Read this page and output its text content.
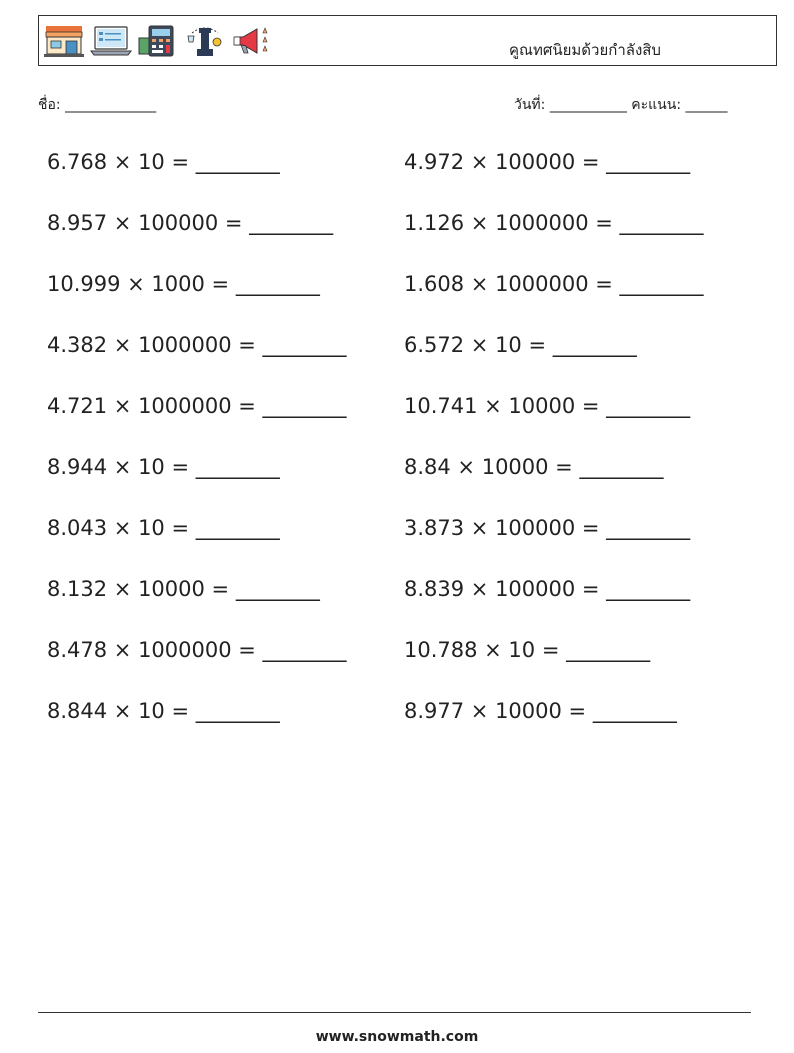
คูณทศนิยมด้วยกำลังสิบ
ชื่อ: _____________	วันที่: ___________ คะแนน: ______
6.768 × 10 = ________	4.972 × 100000 = ________
8.957 × 100000 = ________	1.126 × 1000000 = ________
10.999 × 1000 = ________	1.608 × 1000000 = ________
4.382 × 1000000 = ________	6.572 × 10 = ________
4.721 × 1000000 = ________	10.741 × 10000 = ________
8.944 × 10 = ________	8.84 × 10000 = ________
8.043 × 10 = ________	3.873 × 100000 = ________
8.132 × 10000 = ________	8.839 × 100000 = ________
8.478 × 1000000 = ________	10.788 × 10 = ________
8.844 × 10 = ________	8.977 × 10000 = ________
www.snowmath.com
